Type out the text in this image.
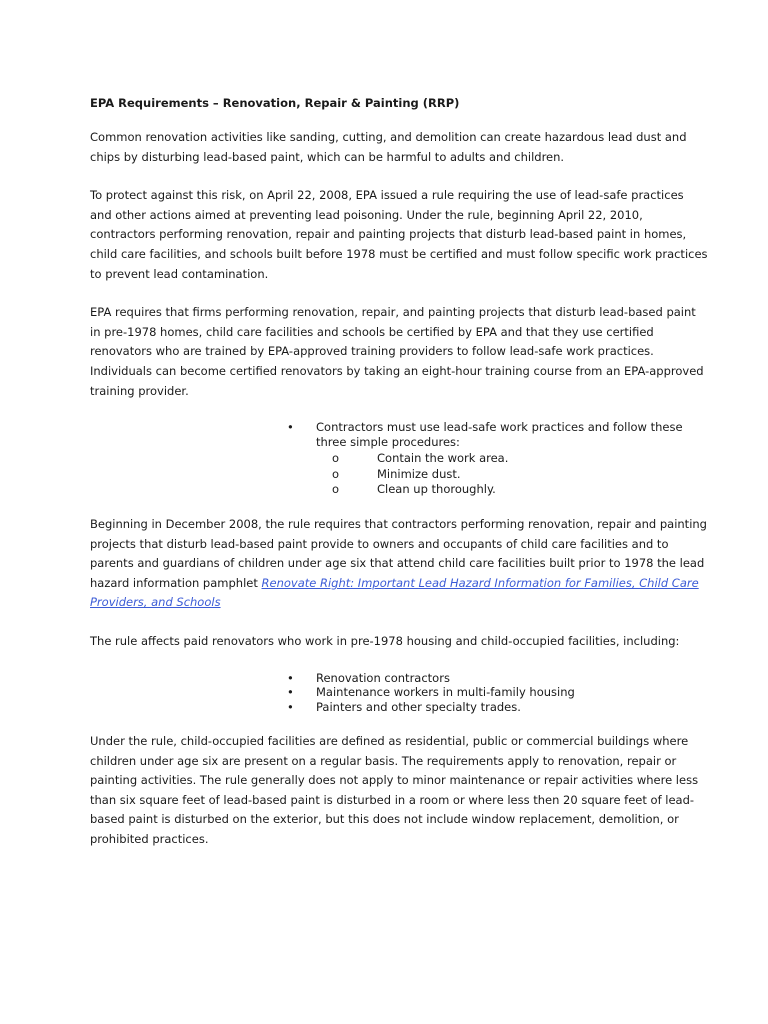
EPA Requirements – Renovation, Repair & Painting (RRP)

Common renovation activities like sanding, cutting, and demolition can create hazardous lead dust and chips by disturbing lead-based paint, which can be harmful to adults and children.

To protect against this risk, on April 22, 2008, EPA issued a rule requiring the use of lead-safe practices and other actions aimed at preventing lead poisoning. Under the rule, beginning April 22, 2010, contractors performing renovation, repair and painting projects that disturb lead-based paint in homes, child care facilities, and schools built before 1978 must be certified and must follow specific work practices to prevent lead contamination.

EPA requires that firms performing renovation, repair, and painting projects that disturb lead-based paint in pre-1978 homes, child care facilities and schools be certified by EPA and that they use certified renovators who are trained by EPA-approved training providers to follow lead-safe work practices. Individuals can become certified renovators by taking an eight-hour training course from an EPA-approved training provider.

• Contractors must use lead-safe work practices and follow these three simple procedures:
o	Contain the work area.
o	Minimize dust.
o	Clean up thoroughly.

Beginning in December 2008, the rule requires that contractors performing renovation, repair and painting projects that disturb lead-based paint provide to owners and occupants of child care facilities and to parents and guardians of children under age six that attend child care facilities built prior to 1978 the lead hazard information pamphlet Renovate Right: Important Lead Hazard Information for Families, Child Care Providers, and Schools

The rule affects paid renovators who work in pre-1978 housing and child-occupied facilities, including:

• Renovation contractors
• Maintenance workers in multi-family housing
• Painters and other specialty trades.

Under the rule, child-occupied facilities are defined as residential, public or commercial buildings where children under age six are present on a regular basis. The requirements apply to renovation, repair or painting activities. The rule generally does not apply to minor maintenance or repair activities where less than six square feet of lead-based paint is disturbed in a room or where less then 20 square feet of lead-based paint is disturbed on the exterior, but this does not include window replacement, demolition, or prohibited practices.
